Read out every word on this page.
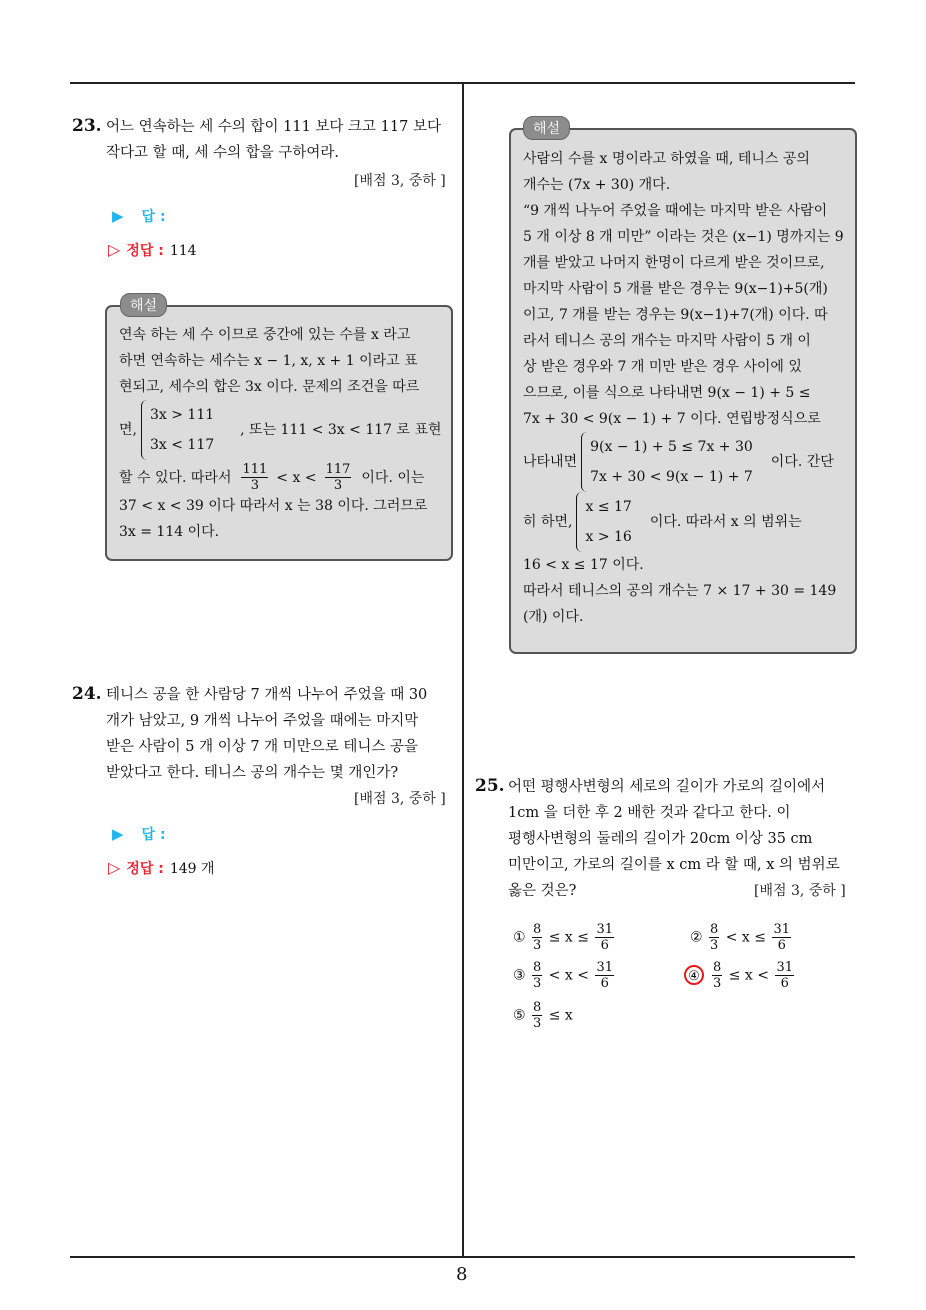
8
23. 어느 연속하는 세 수의 합이 111 보다 크고 117 보다
작다고 할 때, 세 수의 합을 구하여라.
[배점 3, 중하 ]
▶ 답 :
▷ 정답 : 114
연속 하는 세 수 이므로 중간에 있는 수를 x 라고
하면 연속하는 세수는 x − 1, x, x + 1 이라고 표
현되고, 세수의 합은 3x 이다. 문제의 조건을 따르
면,
3x > 111
3x < 117
, 또는 111 < 3x < 117 로 표현
할 수 있다. 따라서 $\frac{111}{3} < x < \frac{117}{3}$ 이다. 이는
37 < x < 39 이다 따라서 x 는 38 이다. 그러므로
3x = 114 이다.
해설
24. 테니스 공을 한 사람당 7 개씩 나누어 주었을 때 30
개가 남았고, 9 개씩 나누어 주었을 때에는 마지막
받은 사람이 5 개 이상 7 개 미만으로 테니스 공을
받았다고 한다. 테니스 공의 개수는 몇 개인가?
[배점 3, 중하 ]
▶ 답 :
▷ 정답 : 149 개
사람의 수를 x 명이라고 하였을 때, 테니스 공의
개수는 (7x + 30) 개다.
“9 개씩 나누어 주었을 때에는 마지막 받은 사람이
5 개 이상 8 개 미만” 이라는 것은 (x−1) 명까지는 9
개를 받았고 나머지 한명이 다르게 받은 것이므로,
마지막 사람이 5 개를 받은 경우는 9(x−1)+5(개)
이고, 7 개를 받는 경우는 9(x−1)+7(개) 이다. 따
라서 테니스 공의 개수는 마지막 사람이 5 개 이
상 받은 경우와 7 개 미만 받은 경우 사이에 있
으므로, 이를 식으로 나타내면 9(x − 1) + 5 ≤
7x + 30 < 9(x − 1) + 7 이다. 연립방정식으로
나타내면
9(x − 1) + 5 ≤ 7x + 30
7x + 30 < 9(x − 1) + 7
이다. 간단
히 하면,
x ≤ 17
x > 16
이다. 따라서 x 의 범위는
16 < x ≤ 17 이다.
따라서 테니스의 공의 개수는 7 × 17 + 30 = 149
(개) 이다.
해설
25. 어떤 평행사변형의 세로의 길이가 가로의 길이에서
1cm 을 더한 후 2 배한 것과 같다고 한다. 이
평행사변형의 둘레의 길이가 20cm 이상 35 cm
미만이고, 가로의 길이를 x cm 라 할 때, x 의 범위로
옳은 것은?	[배점 3, 중하 ]
① $\frac{8}{3} \le x \le \frac{31}{6}$	② $\frac{8}{3} < x \le \frac{31}{6}$
③ $\frac{8}{3} < x < \frac{31}{6}$	④ $\frac{8}{3} \le x < \frac{31}{6}$
⑤ $\frac{8}{3} \le x$
